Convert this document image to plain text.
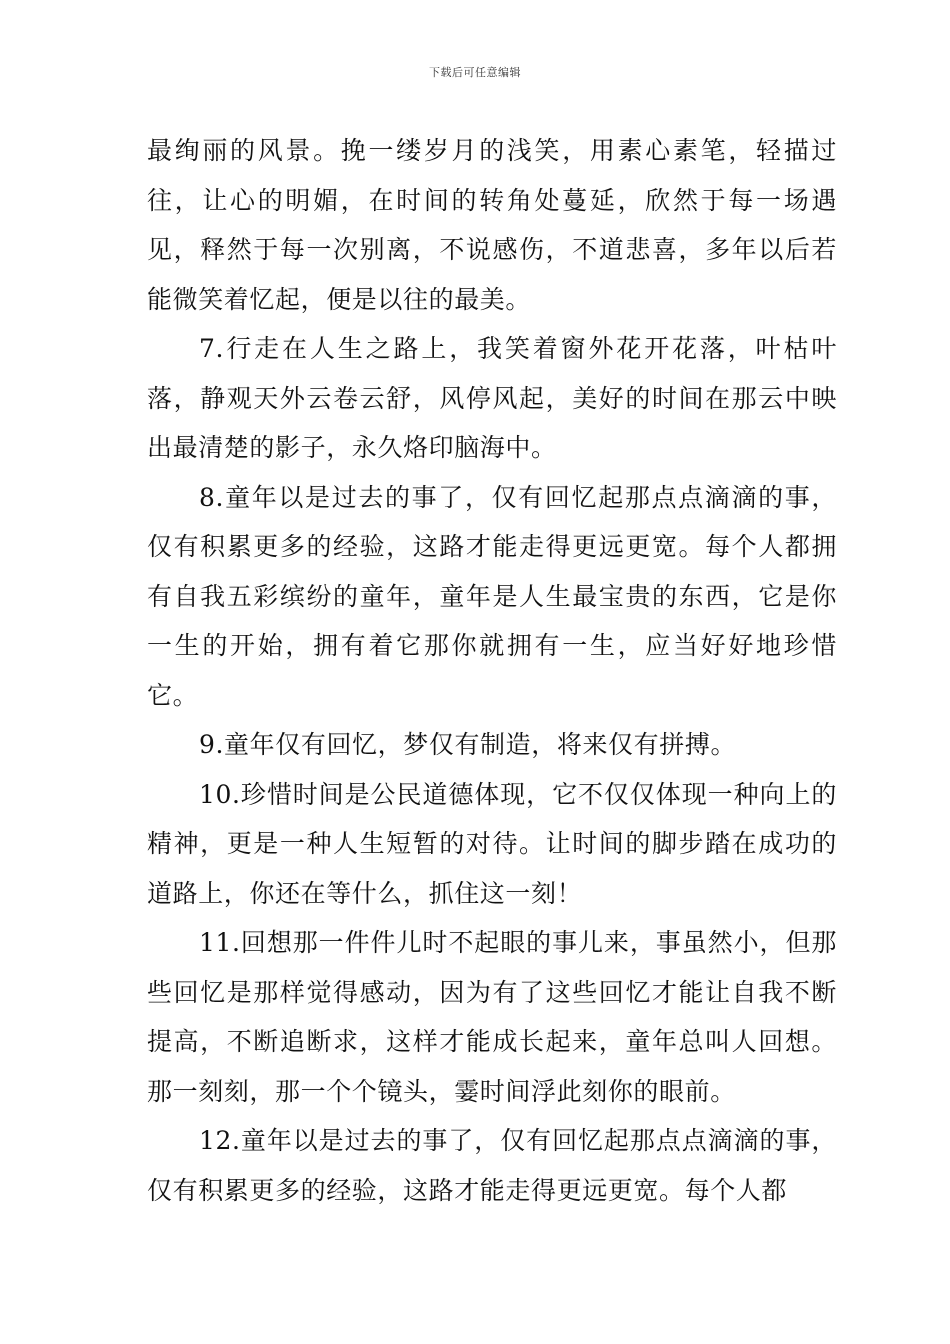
下载后可任意编辑

最绚丽的风景。挽一缕岁月的浅笑，用素心素笔，轻描过往，让心的明媚，在时间的转角处蔓延，欣然于每一场遇见，释然于每一次别离，不说感伤，不道悲喜，多年以后若能微笑着忆起，便是以往的最美。

7.行走在人生之路上，我笑着窗外花开花落，叶枯叶落，静观天外云卷云舒，风停风起，美好的时间在那云中映出最清楚的影子，永久烙印脑海中。

8.童年以是过去的事了，仅有回忆起那点点滴滴的事，仅有积累更多的经验，这路才能走得更远更宽。每个人都拥有自我五彩缤纷的童年，童年是人生最宝贵的东西，它是你一生的开始，拥有着它那你就拥有一生，应当好好地珍惜它。

9.童年仅有回忆，梦仅有制造，将来仅有拼搏。

10.珍惜时间是公民道德体现，它不仅仅体现一种向上的精神，更是一种人生短暂的对待。让时间的脚步踏在成功的道路上，你还在等什么，抓住这一刻！

11.回想那一件件儿时不起眼的事儿来，事虽然小，但那些回忆是那样觉得感动，因为有了这些回忆才能让自我不断提高，不断追断求，这样才能成长起来，童年总叫人回想。那一刻刻，那一个个镜头，霎时间浮此刻你的眼前。

12.童年以是过去的事了，仅有回忆起那点点滴滴的事，仅有积累更多的经验，这路才能走得更远更宽。每个人都
